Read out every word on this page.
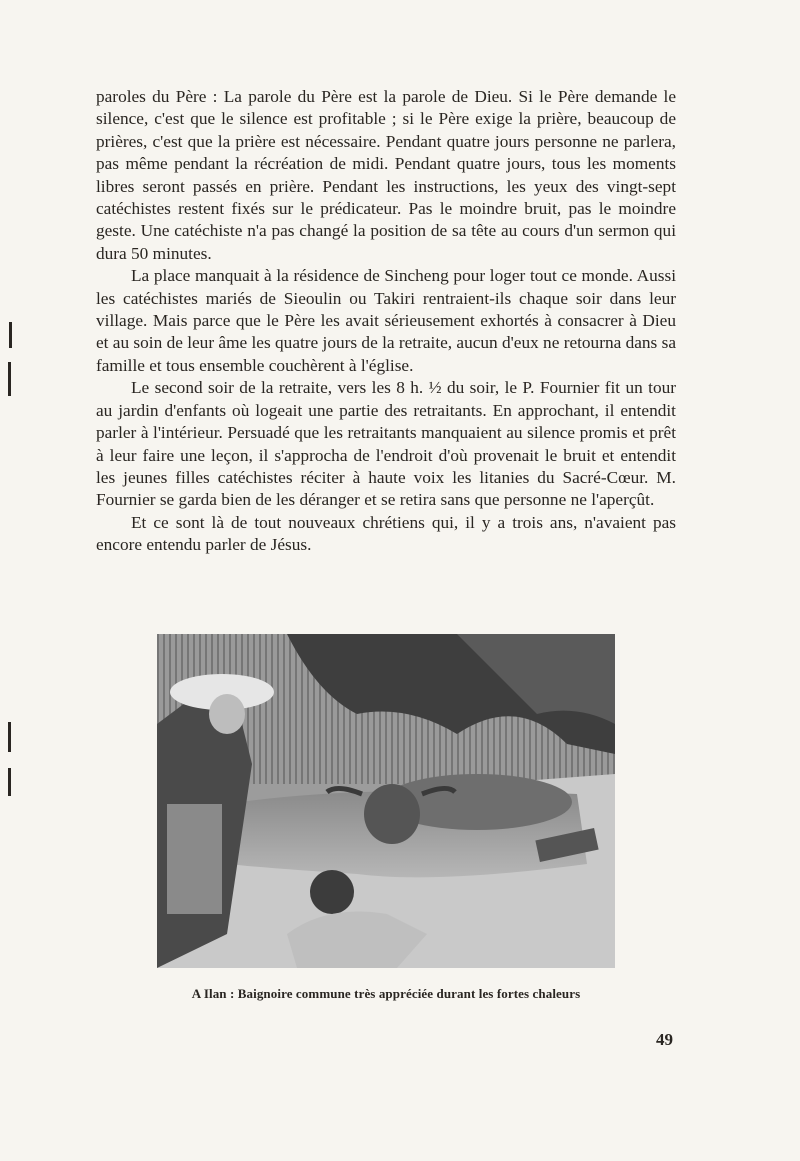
paroles du Père : La parole du Père est la parole de Dieu. Si le Père demande le silence, c'est que le silence est profitable ; si le Père exige la prière, beaucoup de prières, c'est que la prière est nécessaire. Pendant quatre jours personne ne parlera, pas même pendant la récréation de midi. Pendant quatre jours, tous les moments libres seront passés en prière. Pendant les instructions, les yeux des vingt-sept catéchistes restent fixés sur le prédicateur. Pas le moindre bruit, pas le moindre geste. Une catéchiste n'a pas changé la position de sa tête au cours d'un sermon qui dura 50 minutes.

La place manquait à la résidence de Sincheng pour loger tout ce monde. Aussi les catéchistes mariés de Sieoulin ou Takiri rentraient-ils chaque soir dans leur village. Mais parce que le Père les avait sérieusement exhortés à consacrer à Dieu et au soin de leur âme les quatre jours de la retraite, aucun d'eux ne retourna dans sa famille et tous ensemble couchèrent à l'église.

Le second soir de la retraite, vers les 8 h. ½ du soir, le P. Fournier fit un tour au jardin d'enfants où logeait une partie des retraitants. En approchant, il entendit parler à l'intérieur. Persuadé que les retraitants manquaient au silence promis et prêt à leur faire une leçon, il s'approcha de l'endroit d'où provenait le bruit et entendit les jeunes filles catéchistes réciter à haute voix les litanies du Sacré-Cœur. M. Fournier se garda bien de les déranger et se retira sans que personne ne l'aperçût.

Et ce sont là de tout nouveaux chrétiens qui, il y a trois ans, n'avaient pas encore entendu parler de Jésus.

A Ilan : Baignoire commune très appréciée durant les fortes chaleurs
49
